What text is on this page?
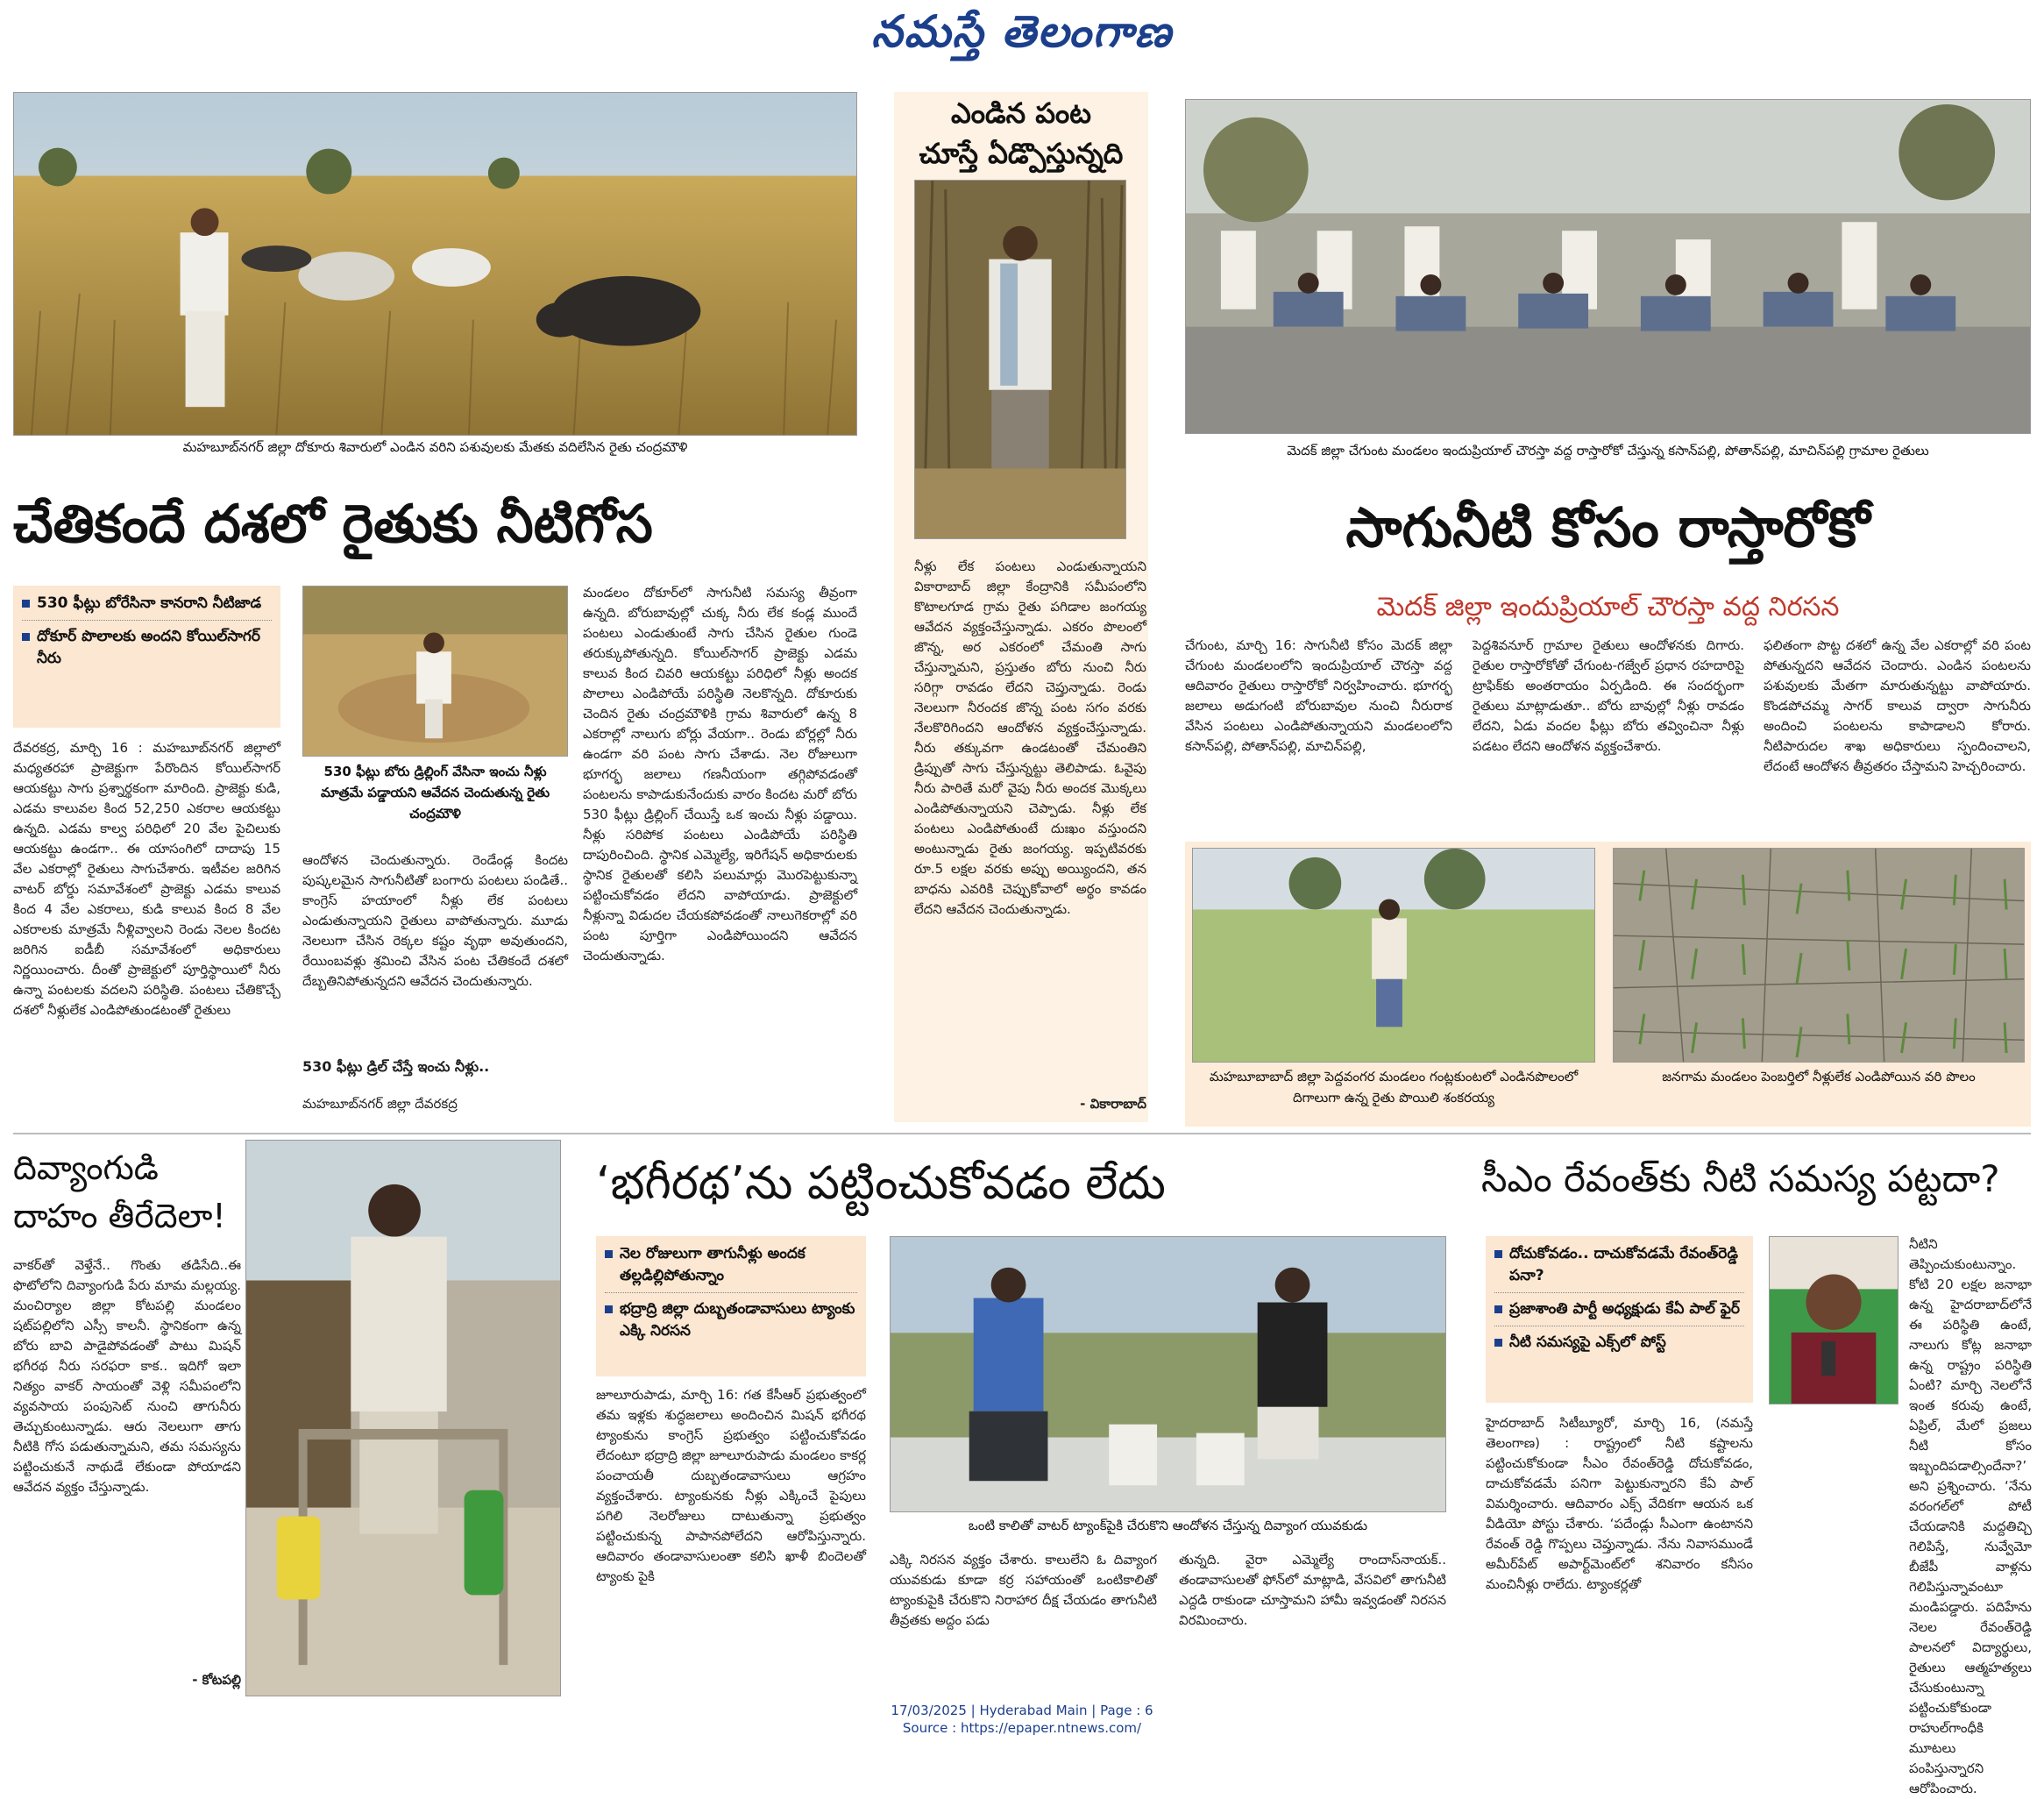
నమస్తే తెలంగాణ
మహబూబ్‌నగర్ జిల్లా దోకూరు శివారులో ఎండిన వరిని పశువులకు మేతకు వదిలేసిన రైతు చంద్రమౌళి
చేతికందే దశలో రైతుకు నీటిగోస
530 ఫీట్లు బోరేసినా కానరాని నీటిజాడ
దోకూర్ పొలాలకు అందని కోయిల్‌సాగర్ నీరు
530 ఫీట్లు బోరు డ్రిల్లింగ్ వేసినా ఇంచు నీళ్లు మాత్రమే పడ్డాయని ఆవేదన చెందుతున్న రైతు చంద్రమౌళి

దేవరకద్ర, మార్చి 16 : మహబూబ్‌నగర్ జిల్లాలో మధ్యతరహా ప్రాజెక్టుగా పేరొందిన కోయిల్‌సాగర్ ఆయకట్టు సాగు ప్రశ్నార్థకంగా మారింది. ప్రాజెక్టు కుడి, ఎడమ కాలువల కింద 52,250 ఎకరాల ఆయకట్టు ఉన్నది. ఎడమ కాల్వ పరిధిలో 20 వేల పైచిలుకు ఆయకట్టు ఉండగా.. ఈ యాసంగిలో దాదాపు 15 వేల ఎకరాల్లో రైతులు సాగుచేశారు. ఇటీవల జరిగిన వాటర్ బోర్డు సమావేశంలో ప్రాజెక్టు ఎడమ కాలువ కింద 4 వేల ఎకరాలు, కుడి కాలువ కింద 8 వేల ఎకరాలకు మాత్రమే నీళ్లివ్వాలని రెండు నెలల కిందట జరిగిన ఐడీబీ సమావేశంలో అధికారులు నిర్ణయించారు. దీంతో ప్రాజెక్టులో పూర్తిస్థాయిలో నీరు ఉన్నా పంటలకు వదలని పరిస్థితి. పంటలు చేతికొచ్చే దశలో నీళ్లులేక ఎండిపోతుండటంతో రైతులు

ఆందోళన చెందుతున్నారు. రెండేండ్ల కిందట పుష్కలమైన సాగునీటితో బంగారు పంటలు పండితే.. కాంగ్రెస్ హయాంలో నీళ్లు లేక పంటలు ఎండుతున్నాయని రైతులు వాపోతున్నారు. మూడు నెలలుగా చేసిన రెక్కల కష్టం వృథా అవుతుందని, రేయింబవళ్లు శ్రమించి వేసిన పంట చేతికందే దశలో దేబ్బతినిపోతున్నదని ఆవేదన చెందుతున్నారు.

530 ఫీట్లు డ్రిల్ చేస్తే ఇంచు నీళ్లు..
మహబూబ్‌నగర్ జిల్లా దేవరకద్ర

మండలం దోకూర్‌లో సాగునీటి సమస్య తీవ్రంగా ఉన్నది. బోరుబావుల్లో చుక్క నీరు లేక కండ్ల ముందే పంటలు ఎండుతుంటే సాగు చేసిన రైతుల గుండె తరుక్కుపోతున్నది. కోయిల్‌సాగర్ ప్రాజెక్టు ఎడమ కాలువ కింద చివరి ఆయకట్టు పరిధిలో నీళ్లు అందక పొలాలు ఎండిపోయే పరిస్థితి నెలకొన్నది. దోకూరుకు చెందిన రైతు చంద్రమౌళికి గ్రామ శివారులో ఉన్న 8 ఎకరాల్లో నాలుగు బోర్లు వేయగా.. రెండు బోర్లల్లో నీరు ఉండగా వరి పంట సాగు చేశాడు. నెల రోజులుగా భూగర్భ జలాలు గణనీయంగా తగ్గిపోవడంతో పంటలను కాపాడుకునేందుకు వారం కిందట మరో బోరు 530 ఫీట్లు డ్రిల్లింగ్ చేయిస్తే ఒక ఇంచు నీళ్లు పడ్డాయి. నీళ్లు సరిపోక పంటలు ఎండిపోయే పరిస్థితి దాపురించింది. స్థానిక ఎమ్మెల్యే, ఇరిగేషన్ అధికారులకు స్థానిక రైతులతో కలిసి పలుమార్లు మొరపెట్టుకున్నా పట్టించుకోవడం లేదని వాపోయాడు. ప్రాజెక్టులో నీళ్లున్నా విడుదల చేయకపోవడంతో నాలుగెకరాల్లో వరి పంట పూర్తిగా ఎండిపోయిందని ఆవేదన చెందుతున్నాడు.

ఎండిన పంట
చూస్తే ఏడ్పొస్తున్నది

నీళ్లు లేక పంటలు ఎండుతున్నాయని వికారాబాద్ జిల్లా కేంద్రానికి సమీపంలోని కొటాలగూడ గ్రామ రైతు పగిడాల జంగయ్య ఆవేదన వ్యక్తంచేస్తున్నాడు. ఎకరం పొలంలో జొన్న, అర ఎకరంలో చేమంతి సాగు చేస్తున్నామని, ప్రస్తుతం బోరు నుంచి నీరు సరిగ్గా రావడం లేదని చెప్తున్నాడు. రెండు నెలలుగా నీరందక జొన్న పంట సగం వరకు నేలకొరిగిందని ఆందోళన వ్యక్తంచేస్తున్నాడు. నీరు తక్కువగా ఉండటంతో చేమంతిని డ్రిప్పుతో సాగు చేస్తున్నట్టు తెలిపాడు. ఓవైపు నీరు పారితే మరో వైపు నీరు అందక మొక్కలు ఎండిపోతున్నాయని చెప్పాడు. నీళ్లు లేక పంటలు ఎండిపోతుంటే దుఃఖం వస్తుందని అంటున్నాడు రైతు జంగయ్య. ఇప్పటివరకు రూ.5 లక్షల వరకు అప్పు అయ్యిందని, తన బాధను ఎవరికి చెప్పుకోవాలో అర్థం కావడం లేదని ఆవేదన చెందుతున్నాడు.

- వికారాబాద్
మెదక్ జిల్లా చేగుంట మండలం ఇందుప్రియాల్ చౌరస్తా వద్ద రాస్తారోకో చేస్తున్న కసాన్‌పల్లి, పోతాన్‌పల్లి, మాచిన్‌పల్లి గ్రామాల రైతులు
సాగునీటి కోసం రాస్తారోకో
మెదక్ జిల్లా ఇందుప్రియాల్ చౌరస్తా వద్ద నిరసన

చేగుంట, మార్చి 16: సాగునీటి కోసం మెదక్ జిల్లా చేగుంట మండలంలోని ఇందుప్రియాల్ చౌరస్తా వద్ద ఆదివారం రైతులు రాస్తారోకో నిర్వహించారు. భూగర్భ జలాలు అడుగంటి బోరుబావుల నుంచి నీరురాక వేసిన పంటలు ఎండిపోతున్నాయని మండలంలోని కసాన్‌పల్లి, పోతాన్‌పల్లి, మాచిన్‌పల్లి,

పెద్దశివనూర్ గ్రామాల రైతులు ఆందోళనకు దిగారు. రైతుల రాస్తారోకోతో చేగుంట-గజ్వేల్ ప్రధాన రహదారిపై ట్రాఫిక్‌కు అంతరాయం ఏర్పడింది. ఈ సందర్భంగా రైతులు మాట్లాడుతూ.. బోరు బావుల్లో నీళ్లు రావడం లేదని, ఏడు వందల ఫీట్లు బోరు తవ్వించినా నీళ్లు పడటం లేదని ఆందోళన వ్యక్తంచేశారు.

ఫలితంగా పొట్ట దశలో ఉన్న వేల ఎకరాల్లో వరి పంట పోతున్నదని ఆవేదన చెందారు. ఎండిన పంటలను పశువులకు మేతగా మారుతున్నట్టు వాపోయారు. కొండపోచమ్మ సాగర్ కాలువ ద్వారా సాగునీరు అందించి పంటలను కాపాడాలని కోరారు. నీటిపారుదల శాఖ అధికారులు స్పందించాలని, లేదంటే ఆందోళన తీవ్రతరం చేస్తామని హెచ్చరించారు.

మహబూబాబాద్ జిల్లా పెద్దవంగర మండలం గంట్లకుంటలో ఎండినపొలంలో దిగాలుగా ఉన్న రైతు పొయిలి శంకరయ్య
జనగామ మండలం పెంబర్తిలో నీళ్లులేక ఎండిపోయిన వరి పొలం
దివ్యాంగుడి
దాహం తీరేదెలా!

వాకర్‌తో వెళ్తేనే.. గొంతు తడిసేది..ఈ ఫొటోలోని దివ్యాంగుడి పేరు మామ మల్లయ్య. మంచిర్యాల జిల్లా కోటపల్లి మండలం షట్‌పల్లిలోని ఎస్సీ కాలనీ. స్థానికంగా ఉన్న బోరు బావి పాడైపోవడంతో పాటు మిషన్ భగీరథ నీరు సరఫరా కాక.. ఇదిగో ఇలా నిత్యం వాకర్ సాయంతో వెళ్లి సమీపంలోని వ్యవసాయ పంపుసెట్ నుంచి తాగునీరు తెచ్చుకుంటున్నాడు. ఆరు నెలలుగా తాగు నీటికి గోస పడుతున్నామని, తమ సమస్యను పట్టించుకునే నాథుడే లేకుండా పోయాడని ఆవేదన వ్యక్తం చేస్తున్నాడు.

- కోటపల్లి
‘భగీరథ’ను పట్టించుకోవడం లేదు
నెల రోజులుగా తాగునీళ్లు అందక తల్లడిల్లిపోతున్నాం
భద్రాద్రి జిల్లా దుబ్బతండావాసులు ట్యాంకు ఎక్కి నిరసన

జూలూరుపాడు, మార్చి 16: గత కేసీఆర్ ప్రభుత్వంలో తమ ఇళ్లకు శుద్ధజలాలు అందించిన మిషన్ భగీరథ ట్యాంకును కాంగ్రెస్ ప్రభుత్వం పట్టించుకోవడం లేదంటూ భద్రాద్రి జిల్లా జూలూరుపాడు మండలం కాకర్ల పంచాయతీ దుబ్బతండావాసులు ఆగ్రహం వ్యక్తంచేశారు. ట్యాంకునకు నీళ్లు ఎక్కించే పైపులు పగిలి నెలరోజులు దాటుతున్నా ప్రభుత్వం పట్టించుకున్న పాపానపోలేదని ఆరోపిస్తున్నారు. ఆదివారం తండావాసులంతా కలిసి ఖాళీ బిందెలతో ట్యాంకు పైకి

ఒంటి కాలితో వాటర్ ట్యాంక్‌పైకి చేరుకొని ఆందోళన చేస్తున్న దివ్యాంగ యువకుడు

ఎక్కి నిరసన వ్యక్తం చేశారు. కాలులేని ఓ దివ్యాంగ యువకుడు కూడా కర్ర సహాయంతో ఒంటికాలితో ట్యాంకుపైకి చేరుకొని నిరాహార దీక్ష చేయడం తాగునీటి తీవ్రతకు అద్దం పడు

తున్నది. వైరా ఎమ్మెల్యే రాందాస్‌నాయక్.. తండావాసులతో ఫోన్‌లో మాట్లాడి, వేసవిలో తాగునీటి ఎద్దడి రాకుండా చూస్తామని హామీ ఇవ్వడంతో నిరసన విరమించారు.

సీఎం రేవంత్‌కు నీటి సమస్య పట్టదా?
దోచుకోవడం.. దాచుకోవడమే రేవంత్‌రెడ్డి పనా?
ప్రజాశాంతి పార్టీ అధ్యక్షుడు కేఏ పాల్ ఫైర్
నీటి సమస్యపై ఎక్స్‌లో పోస్ట్

నీటిని తెప్పించుకుంటున్నాం. కోటి 20 లక్షల జనాభా ఉన్న హైదరాబాద్‌లోనే ఈ పరిస్థితి ఉంటే, నాలుగు కోట్ల జనాభా ఉన్న రాష్ట్రం పరిస్థితి ఏంటి? మార్చి నెలలోనే ఇంత కరువు ఉంటే, ఏప్రిల్, మేలో ప్రజలు నీటి కోసం ఇబ్బందిపడాల్సిందేనా?’ అని ప్రశ్నించారు. ‘నేను వరంగల్‌లో పోటీ చేయడానికి మద్దతిచ్చి గెలిపిస్తే, నువ్వేమో బీజేపీ వాళ్లను గెలిపిస్తున్నావంటూ మండిపడ్డారు. పదిహేను నెలల రేవంత్‌రెడ్డి పాలనలో విద్యార్థులు, రైతులు ఆత్మహత్యలు చేసుకుంటున్నా పట్టించుకోకుండా రాహుల్‌గాంధీకి మూటలు పంపిస్తున్నారని ఆరోపించారు.

హైదరాబాద్ సిటీబ్యూరో, మార్చి 16, (నమస్తే తెలంగాణ) : రాష్ట్రంలో నీటి కష్టాలను పట్టించుకోకుండా సీఎం రేవంత్‌రెడ్డి దోచుకోవడం, దాచుకోవడమే పనిగా పెట్టుకున్నారని కేఏ పాల్ విమర్శించారు. ఆదివారం ఎక్స్ వేదికగా ఆయన ఒక వీడియో పోస్టు చేశారు. ‘పదేండ్లు సీఎంగా ఉంటానని రేవంత్ రెడ్డి గొప్పలు చెప్తున్నాడు. నేను నివాసముండే అమీర్‌పేట్ అపార్ట్‌మెంట్‌లో శనివారం కనీసం మంచినీళ్లు రాలేదు. ట్యాంకర్లతో

17/03/2025 | Hyderabad Main | Page : 6
Source : https://epaper.ntnews.com/
